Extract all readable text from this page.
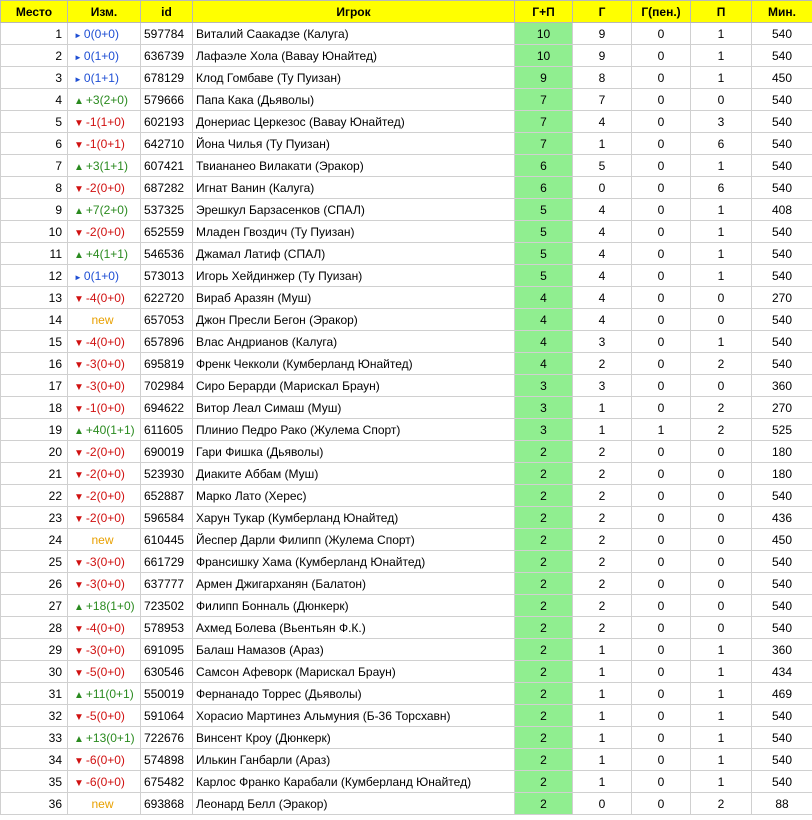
Место	Изм.	id	Игрок	Г+П	Г	Г(пен.)	П	Мин.
1	► 0(0+0)	597784	Виталий Саакадзе (Калуга)	10	9	0	1	540
2	► 0(1+0)	636739	Лафаэле Хола (Вавау Юнайтед)	10	9	0	1	540
3	► 0(1+1)	678129	Клод Гомбаве (Ту Пуизан)	9	8	0	1	450
4	▲ +3(2+0)	579666	Папа Кака (Дьяволы)	7	7	0	0	540
5	▼ -1(1+0)	602193	Донериас Церкезос (Вавау Юнайтед)	7	4	0	3	540
6	▼ -1(0+1)	642710	Йона Чилья (Ту Пуизан)	7	1	0	6	540
7	▲ +3(1+1)	607421	Твиананео Вилакати (Эракор)	6	5	0	1	540
8	▼ -2(0+0)	687282	Игнат Ванин (Калуга)	6	0	0	6	540
9	▲ +7(2+0)	537325	Эрешкул Барзасенков (СПАЛ)	5	4	0	1	408
10	▼ -2(0+0)	652559	Младен Гвоздич (Ту Пуизан)	5	4	0	1	540
11	▲ +4(1+1)	546536	Джамал Латиф (СПАЛ)	5	4	0	1	540
12	► 0(1+0)	573013	Игорь Хейдинжер (Ту Пуизан)	5	4	0	1	540
13	▼ -4(0+0)	622720	Вираб Аразян (Муш)	4	4	0	0	270
14	new	657053	Джон Пресли Бегон (Эракор)	4	4	0	0	540
15	▼ -4(0+0)	657896	Влас Андрианов (Калуга)	4	3	0	1	540
16	▼ -3(0+0)	695819	Френк Чекколи (Кумберланд Юнайтед)	4	2	0	2	540
17	▼ -3(0+0)	702984	Сиро Берарди (Марискал Браун)	3	3	0	0	360
18	▼ -1(0+0)	694622	Витор Леал Симаш (Муш)	3	1	0	2	270
19	▲ +40(1+1)	611605	Плинио Педро Рако (Жулема Спорт)	3	1	1	2	525
20	▼ -2(0+0)	690019	Гари Фишка (Дьяволы)	2	2	0	0	180
21	▼ -2(0+0)	523930	Диаките Аббам (Муш)	2	2	0	0	180
22	▼ -2(0+0)	652887	Марко Лато (Херес)	2	2	0	0	540
23	▼ -2(0+0)	596584	Харун Тукар (Кумберланд Юнайтед)	2	2	0	0	436
24	new	610445	Йеспер Дарли Филипп (Жулема Спорт)	2	2	0	0	450
25	▼ -3(0+0)	661729	Франсишку Хама (Кумберланд Юнайтед)	2	2	0	0	540
26	▼ -3(0+0)	637777	Армен Джигарханян (Балатон)	2	2	0	0	540
27	▲ +18(1+0)	723502	Филипп Бонналь (Дюнкерк)	2	2	0	0	540
28	▼ -4(0+0)	578953	Ахмед Болева (Вьентьян Ф.К.)	2	2	0	0	540
29	▼ -3(0+0)	691095	Балаш Намазов (Араз)	2	1	0	1	360
30	▼ -5(0+0)	630546	Самсон Афеворк (Марискал Браун)	2	1	0	1	434
31	▲ +11(0+1)	550019	Фернанадо Торрес (Дьяволы)	2	1	0	1	469
32	▼ -5(0+0)	591064	Хорасио Мартинез Альмуния (Б-36 Торсхавн)	2	1	0	1	540
33	▲ +13(0+1)	722676	Винсент Кроу (Дюнкерк)	2	1	0	1	540
34	▼ -6(0+0)	574898	Илькин Ганбарли (Араз)	2	1	0	1	540
35	▼ -6(0+0)	675482	Карлос Франко Карабали (Кумберланд Юнайтед)	2	1	0	1	540
36	new	693868	Леонард Белл (Эракор)	2	0	0	2	88
